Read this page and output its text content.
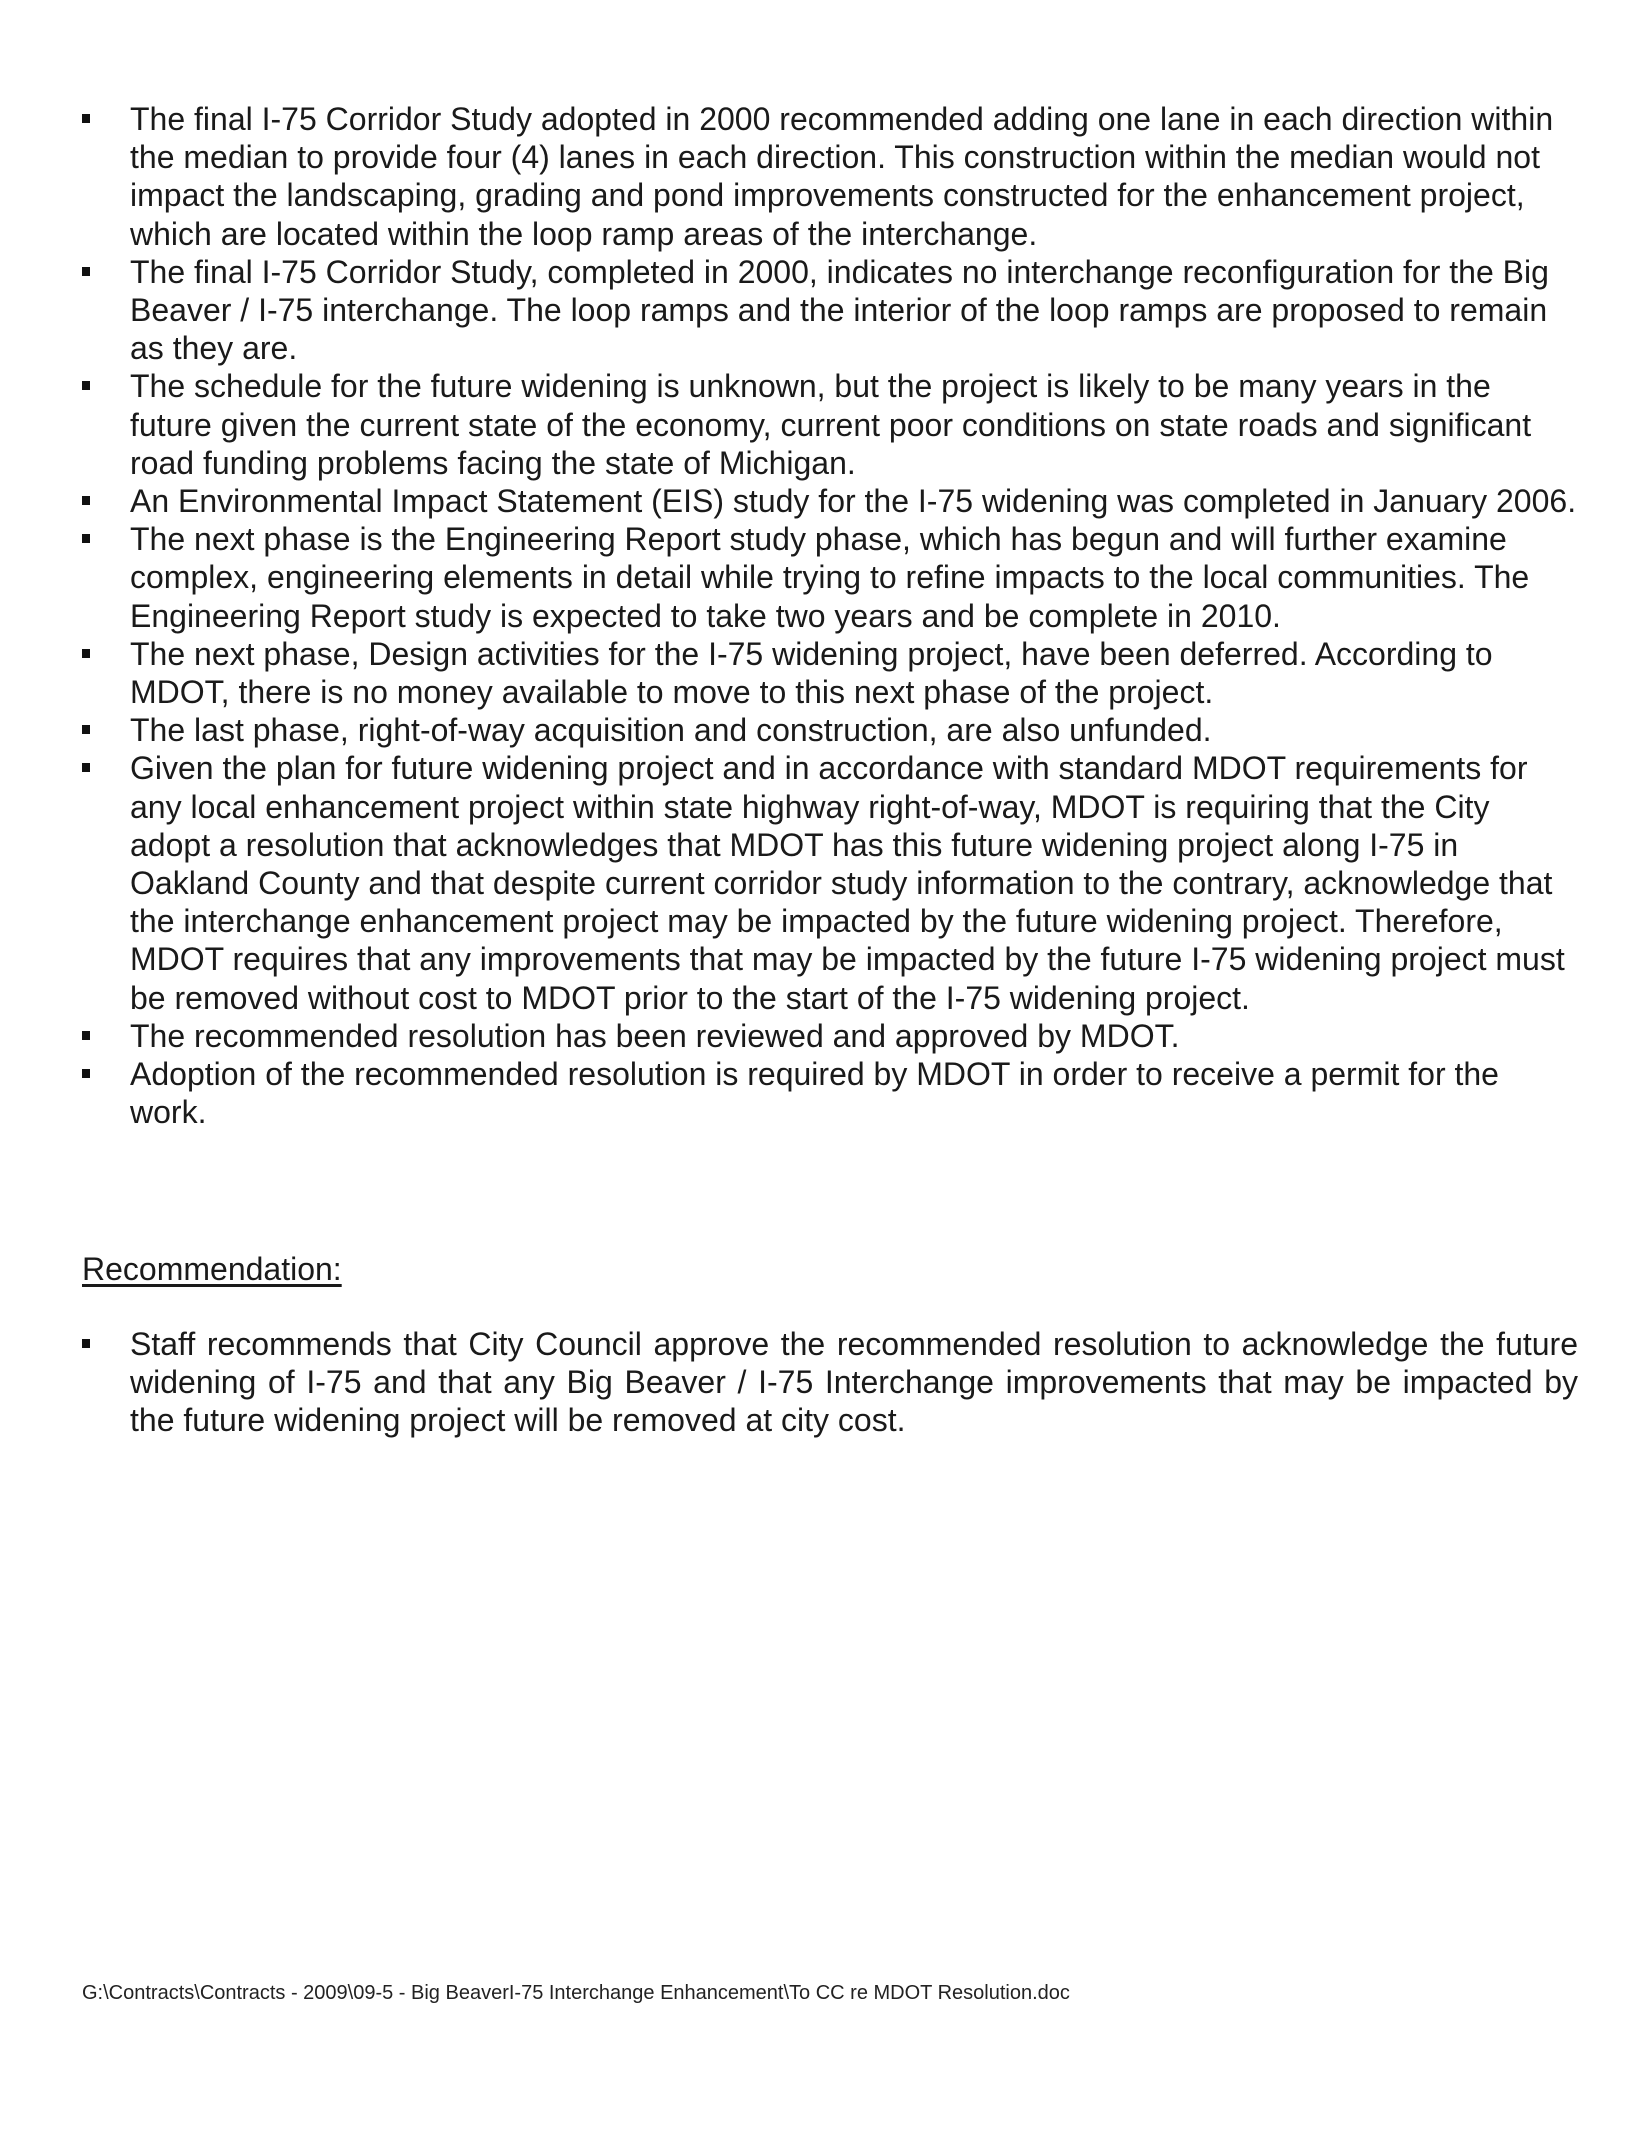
The final I-75 Corridor Study adopted in 2000 recommended adding one lane in each direction within the median to provide four (4) lanes in each direction. This construction within the median would not impact the landscaping, grading and pond improvements constructed for the enhancement project, which are located within the loop ramp areas of the interchange.
The final I-75 Corridor Study, completed in 2000, indicates no interchange reconfiguration for the Big Beaver / I-75 interchange. The loop ramps and the interior of the loop ramps are proposed to remain as they are.
The schedule for the future widening is unknown, but the project is likely to be many years in the future given the current state of the economy, current poor conditions on state roads and significant road funding problems facing the state of Michigan.
An Environmental Impact Statement (EIS) study for the I-75 widening was completed in January 2006.
The next phase is the Engineering Report study phase, which has begun and will further examine complex, engineering elements in detail while trying to refine impacts to the local communities. The Engineering Report study is expected to take two years and be complete in 2010.
The next phase, Design activities for the I-75 widening project, have been deferred. According to MDOT, there is no money available to move to this next phase of the project.
The last phase, right-of-way acquisition and construction, are also unfunded.
Given the plan for future widening project and in accordance with standard MDOT requirements for any local enhancement project within state highway right-of-way, MDOT is requiring that the City adopt a resolution that acknowledges that MDOT has this future widening project along I-75 in Oakland County and that despite current corridor study information to the contrary, acknowledge that the interchange enhancement project may be impacted by the future widening project. Therefore, MDOT requires that any improvements that may be impacted by the future I-75 widening project must be removed without cost to MDOT prior to the start of the I-75 widening project.
The recommended resolution has been reviewed and approved by MDOT.
Adoption of the recommended resolution is required by MDOT in order to receive a permit for the work.
Recommendation:
Staff recommends that City Council approve the recommended resolution to acknowledge the future widening of I-75 and that any Big Beaver / I-75 Interchange improvements that may be impacted by the future widening project will be removed at city cost.

G:\Contracts\Contracts - 2009\09-5 - Big BeaverI-75 Interchange Enhancement\To CC re MDOT Resolution.doc
